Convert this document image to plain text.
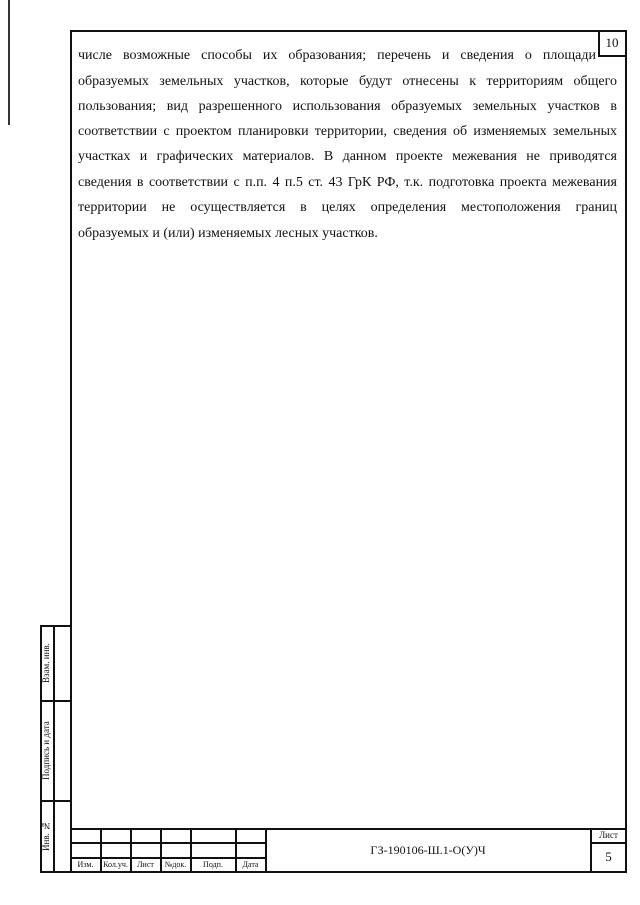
10
числе возможные способы их образования; перечень и сведения о площади
образуемых земельных участков, которые будут отнесены к территориям общего
пользования; вид разрешенного использования образуемых земельных участков в
соответствии с проектом планировки территории, сведения об изменяемых земельных
участках и графических материалов. В данном проекте межевания не приводятся
сведения в соответствии с п.п. 4 п.5 ст. 43 ГрК РФ, т.к. подготовка проекта межевания
территории не осуществляется в целях определения местоположения границ
образуемых и (или) изменяемых лесных участков.
Взам. инв.
Подпись и дата
Инв. №
Изм.	Кол.уч.	Лист	№док.	Подп.	Дата
ГЗ-190106-Ш.1-О(У)Ч
Лист
5
